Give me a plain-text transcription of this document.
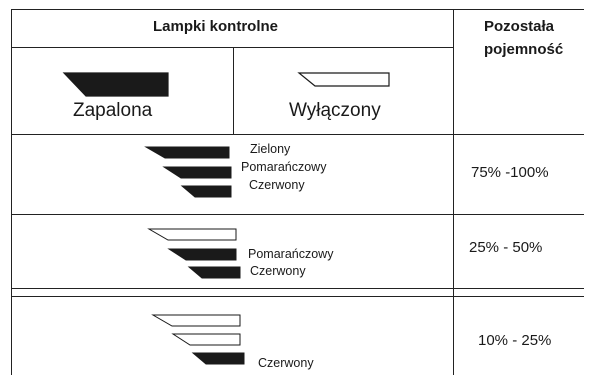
Lampki kontrolne	Pozostała
pojemność
Zapalona	Wyłączony
Zielony
Pomarańczowy
Czerwony
75% -100%
Pomarańczowy
Czerwony
25% - 50%
Czerwony
10% - 25%
